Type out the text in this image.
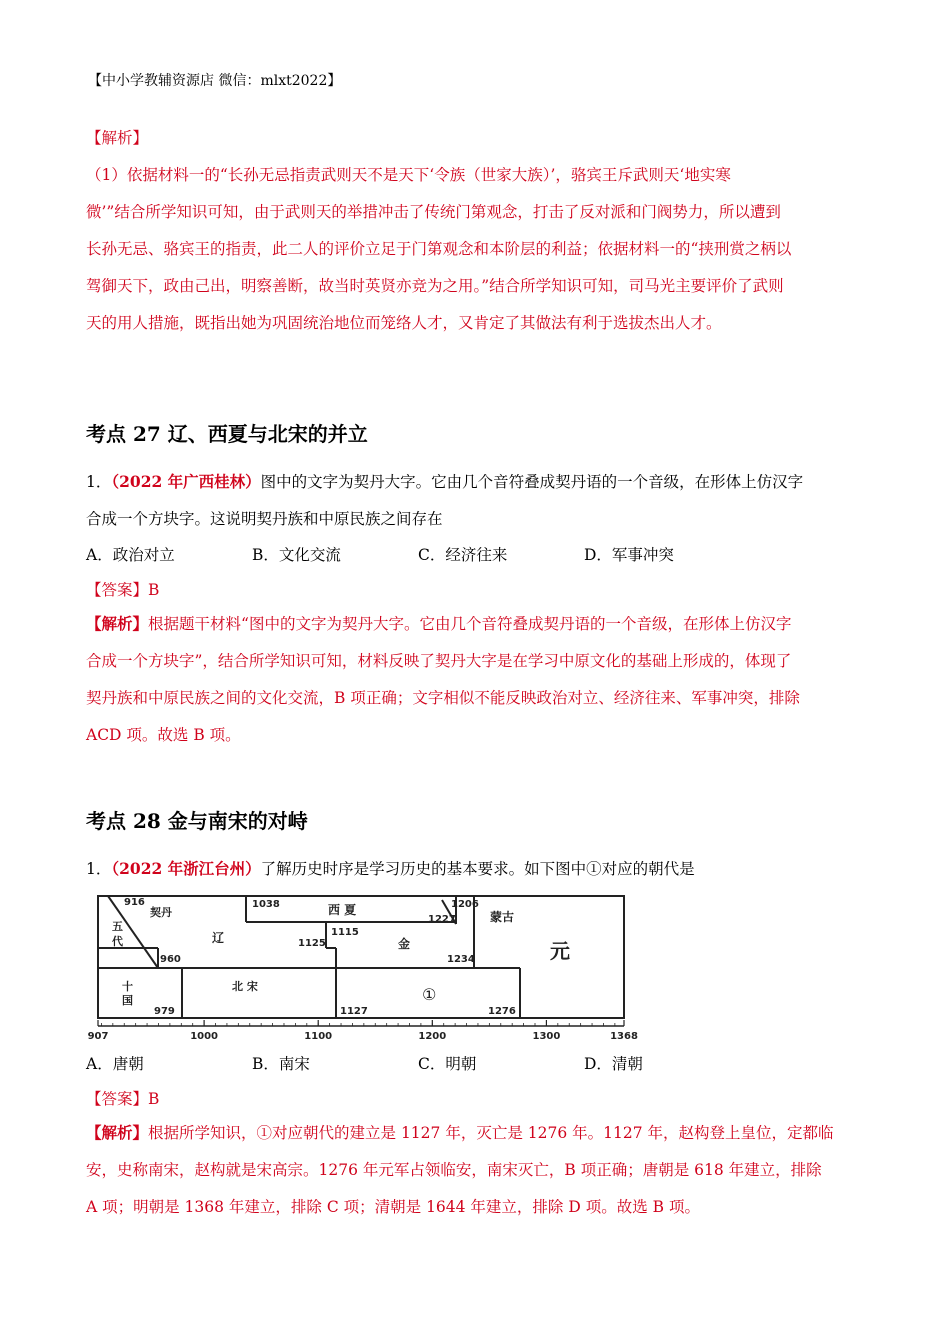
【中小学教辅资源店 微信：mlxt2022】

【解析】

（1）依据材料一的“长孙无忌指责武则天不是天下‘令族（世家大族）’，骆宾王斥武则天‘地实寒

微’”结合所学知识可知，由于武则天的举措冲击了传统门第观念，打击了反对派和门阀势力，所以遭到

长孙无忌、骆宾王的指责，此二人的评价立足于门第观念和本阶层的利益；依据材料一的“挟刑赏之柄以

驾御天下，政由己出，明察善断，故当时英贤亦竞为之用。”结合所学知识可知，司马光主要评价了武则

天的用人措施，既指出她为巩固统治地位而笼络人才，又肯定了其做法有利于选拔杰出人才。

考点 27 辽、西夏与北宋的并立
1．（2022 年广西桂林）图中的文字为契丹大字。它由几个音符叠成契丹语的一个音级，在形体上仿汉字
合成一个方块字。这说明契丹族和中原民族之间存在
A．政治对立	B．文化交流	C．经济往来	D．军事冲突
【答案】B

【解析】根据题干材料“图中的文字为契丹大字。它由几个音符叠成契丹语的一个音级，在形体上仿汉字

合成一个方块字”，结合所学知识可知，材料反映了契丹大字是在学习中原文化的基础上形成的，体现了

契丹族和中原民族之间的文化交流，B 项正确；文字相似不能反映政治对立、经济往来、军事冲突，排除

ACD 项。故选 B 项。

考点 28 金与南宋的对峙
1．（2022 年浙江台州）了解历史时序是学习历史的基本要求。如下图中①对应的朝代是
916
契丹
1038	西 夏	1206
1227	蒙古
五
代	辽	1115
1125	金	元
960	1234
北 宋
十
国	①
979	1127	1276
907	1000	1100	1200	1300	1368
A．唐朝	B．南宋	C．明朝	D．清朝
【答案】B

【解析】根据所学知识，①对应朝代的建立是 1127 年，灭亡是 1276 年。1127 年，赵构登上皇位，定都临

安，史称南宋，赵构就是宋高宗。1276 年元军占领临安，南宋灭亡，B 项正确；唐朝是 618 年建立，排除

A 项；明朝是 1368 年建立，排除 C 项；清朝是 1644 年建立，排除 D 项。故选 B 项。
